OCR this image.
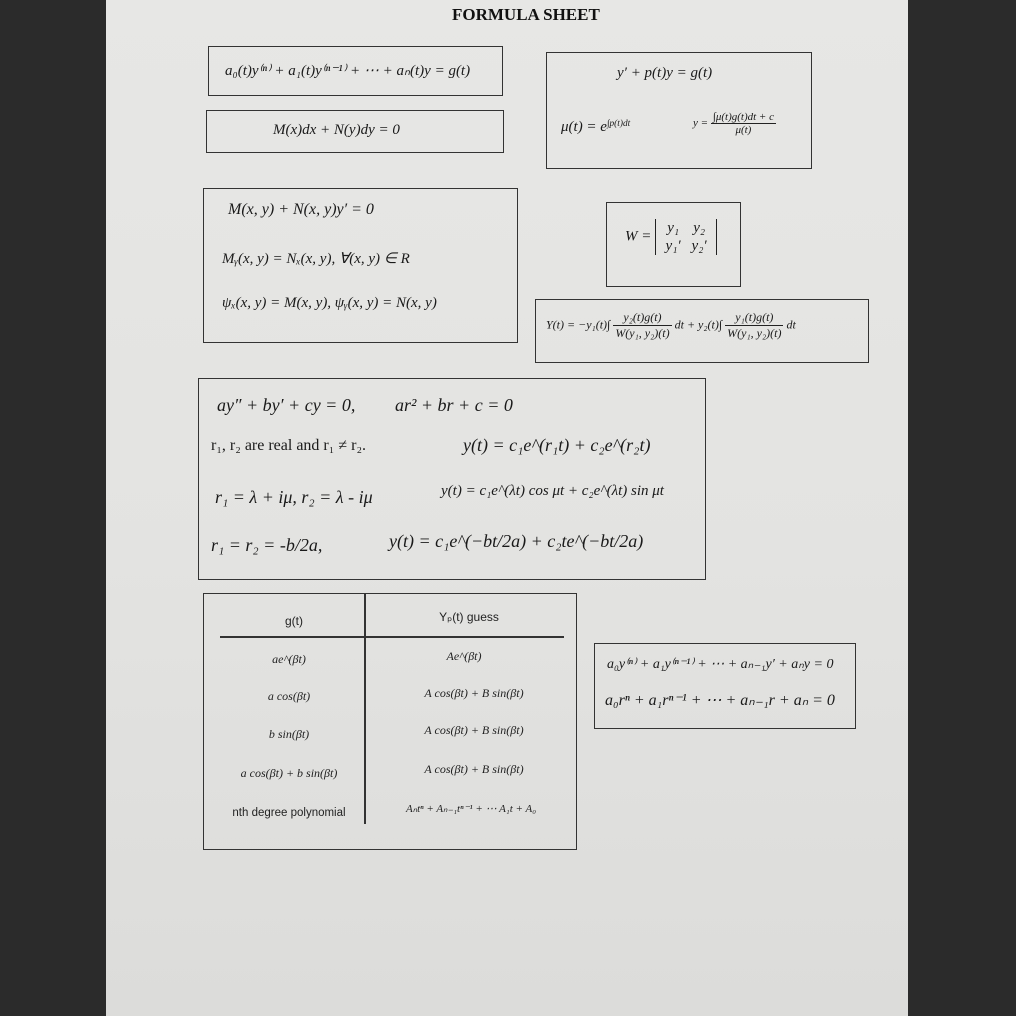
FORMULA SHEET
a₀(t)y⁽ⁿ⁾ + a₁(t)y⁽ⁿ⁻¹⁾ + ⋯ + aₙ(t)y = g(t)
M(x)dx + N(y)dy = 0
y′ + p(t)y = g(t)
$\mu(t) = e^{\int p(t)dt}$	$y = \frac{\int\mu(t)g(t)dt + c}{\mu(t)}$
M(x, y) + N(x, y)y′ = 0
Mᵧ(x, y) = Nₓ(x, y), ∀(x, y) ∈ R
ψₓ(x, y) = M(x, y), ψᵧ(x, y) = N(x, y)
W = y₁ y₂
y₁′ y₂′
$Y(t) = -y_1(t)\int \frac{\text{y₂(t)g(t)}}{\text{W(y₁, y₂)(t)}}$ dt + $y_2(t)\int \frac{\text{y₁(t)g(t)}}{\text{W(y₁, y₂)(t)}}$ dt
ay″ + by′ + cy = 0, ar² + br + c = 0
r₁, r₂ are real and r₁ ≠ r₂.	y(t) = c₁e^(r₁t) + c₂e^(r₂t)
r₁ = λ + iμ, r₂ = λ - iμ	y(t) = c₁e^(λt) cos μt + c₂e^(λt) sin μt
r₁ = r₂ = -b/2a,	y(t) = c₁e^(−bt/2a) + c₂te^(−bt/2a)
g(t)	Yₚ(t) guess
ae^(βt)	Ae^(βt)
a cos(βt)	A cos(βt) + B sin(βt)
b sin(βt)	A cos(βt) + B sin(βt)
a cos(βt) + b sin(βt)	A cos(βt) + B sin(βt)
nth degree polynomial	Aₙtⁿ + Aₙ₋₁tⁿ⁻¹ + ⋯ A₁t + A₀
a₀y⁽ⁿ⁾ + a₁y⁽ⁿ⁻¹⁾ + ⋯ + aₙ₋₁y′ + aₙy = 0
a₀rⁿ + a₁rⁿ⁻¹ + ⋯ + aₙ₋₁r + aₙ = 0
